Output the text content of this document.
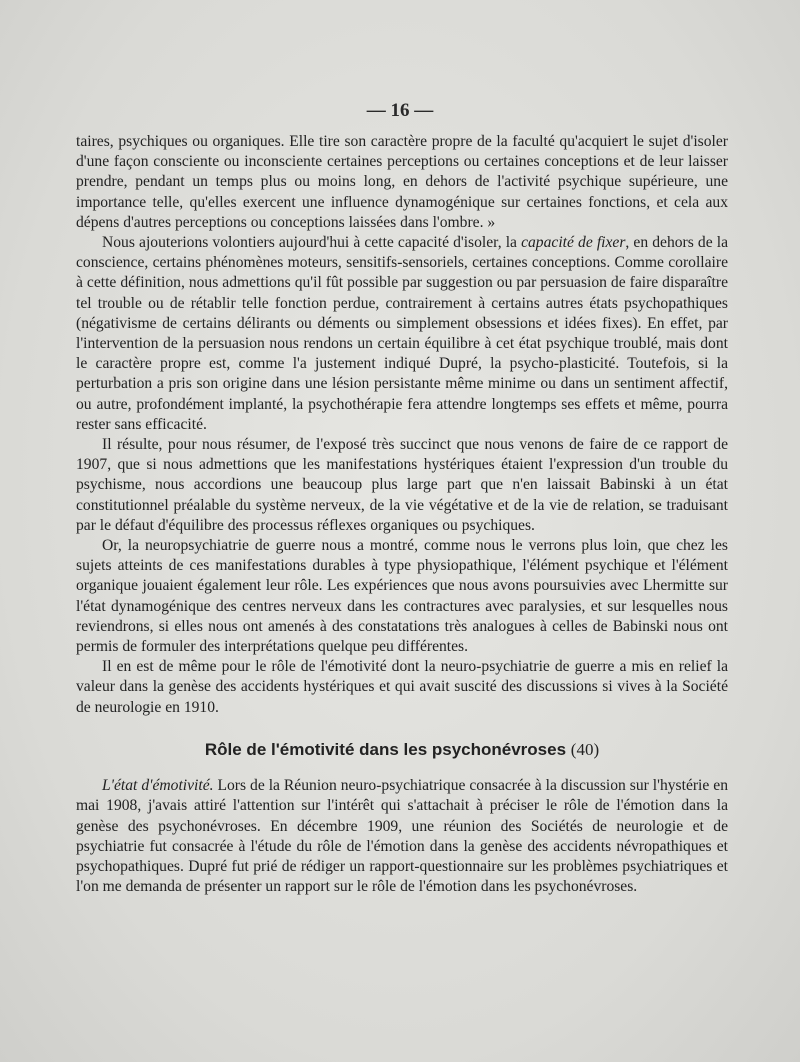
— 16 —

taires, psychiques ou organiques. Elle tire son caractère propre de la faculté qu'acquiert le sujet d'isoler d'une façon consciente ou inconsciente certaines perceptions ou certaines conceptions et de leur laisser prendre, pendant un temps plus ou moins long, en dehors de l'activité psychique supérieure, une importance telle, qu'elles exercent une influence dynamogénique sur certaines fonctions, et cela aux dépens d'autres perceptions ou conceptions laissées dans l'ombre. »

Nous ajouterions volontiers aujourd'hui à cette capacité d'isoler, la capacité de fixer, en dehors de la conscience, certains phénomènes moteurs, sensitifs-sensoriels, certaines conceptions. Comme corollaire à cette définition, nous admettions qu'il fût possible par suggestion ou par persuasion de faire disparaître tel trouble ou de rétablir telle fonction perdue, contrairement à certains autres états psychopathiques (négativisme de certains délirants ou déments ou simplement obsessions et idées fixes). En effet, par l'intervention de la persuasion nous rendons un certain équilibre à cet état psychique troublé, mais dont le caractère propre est, comme l'a justement indiqué Dupré, la psycho-plasticité. Toutefois, si la perturbation a pris son origine dans une lésion persistante même minime ou dans un sentiment affectif, ou autre, profondément implanté, la psychothérapie fera attendre longtemps ses effets et même, pourra rester sans efficacité.

Il résulte, pour nous résumer, de l'exposé très succinct que nous venons de faire de ce rapport de 1907, que si nous admettions que les manifestations hystériques étaient l'expression d'un trouble du psychisme, nous accordions une beaucoup plus large part que n'en laissait Babinski à un état constitutionnel préalable du système nerveux, de la vie végétative et de la vie de relation, se traduisant par le défaut d'équilibre des processus réflexes organiques ou psychiques.

Or, la neuropsychiatrie de guerre nous a montré, comme nous le verrons plus loin, que chez les sujets atteints de ces manifestations durables à type physiopathique, l'élément psychique et l'élément organique jouaient également leur rôle. Les expériences que nous avons poursuivies avec Lhermitte sur l'état dynamogénique des centres nerveux dans les contractures avec paralysies, et sur lesquelles nous reviendrons, si elles nous ont amenés à des constatations très analogues à celles de Babinski nous ont permis de formuler des interprétations quelque peu différentes.

Il en est de même pour le rôle de l'émotivité dont la neuro-psychiatrie de guerre a mis en relief la valeur dans la genèse des accidents hystériques et qui avait suscité des discussions si vives à la Société de neurologie en 1910.

Rôle de l'émotivité dans les psychonévroses (40)

L'état d'émotivité. Lors de la Réunion neuro-psychiatrique consacrée à la discussion sur l'hystérie en mai 1908, j'avais attiré l'attention sur l'intérêt qui s'attachait à préciser le rôle de l'émotion dans la genèse des psychonévroses. En décembre 1909, une réunion des Sociétés de neurologie et de psychiatrie fut consacrée à l'étude du rôle de l'émotion dans la genèse des accidents névropathiques et psychopathiques. Dupré fut prié de rédiger un rapport-questionnaire sur les problèmes psychiatriques et l'on me demanda de présenter un rapport sur le rôle de l'émotion dans les psychonévroses.
